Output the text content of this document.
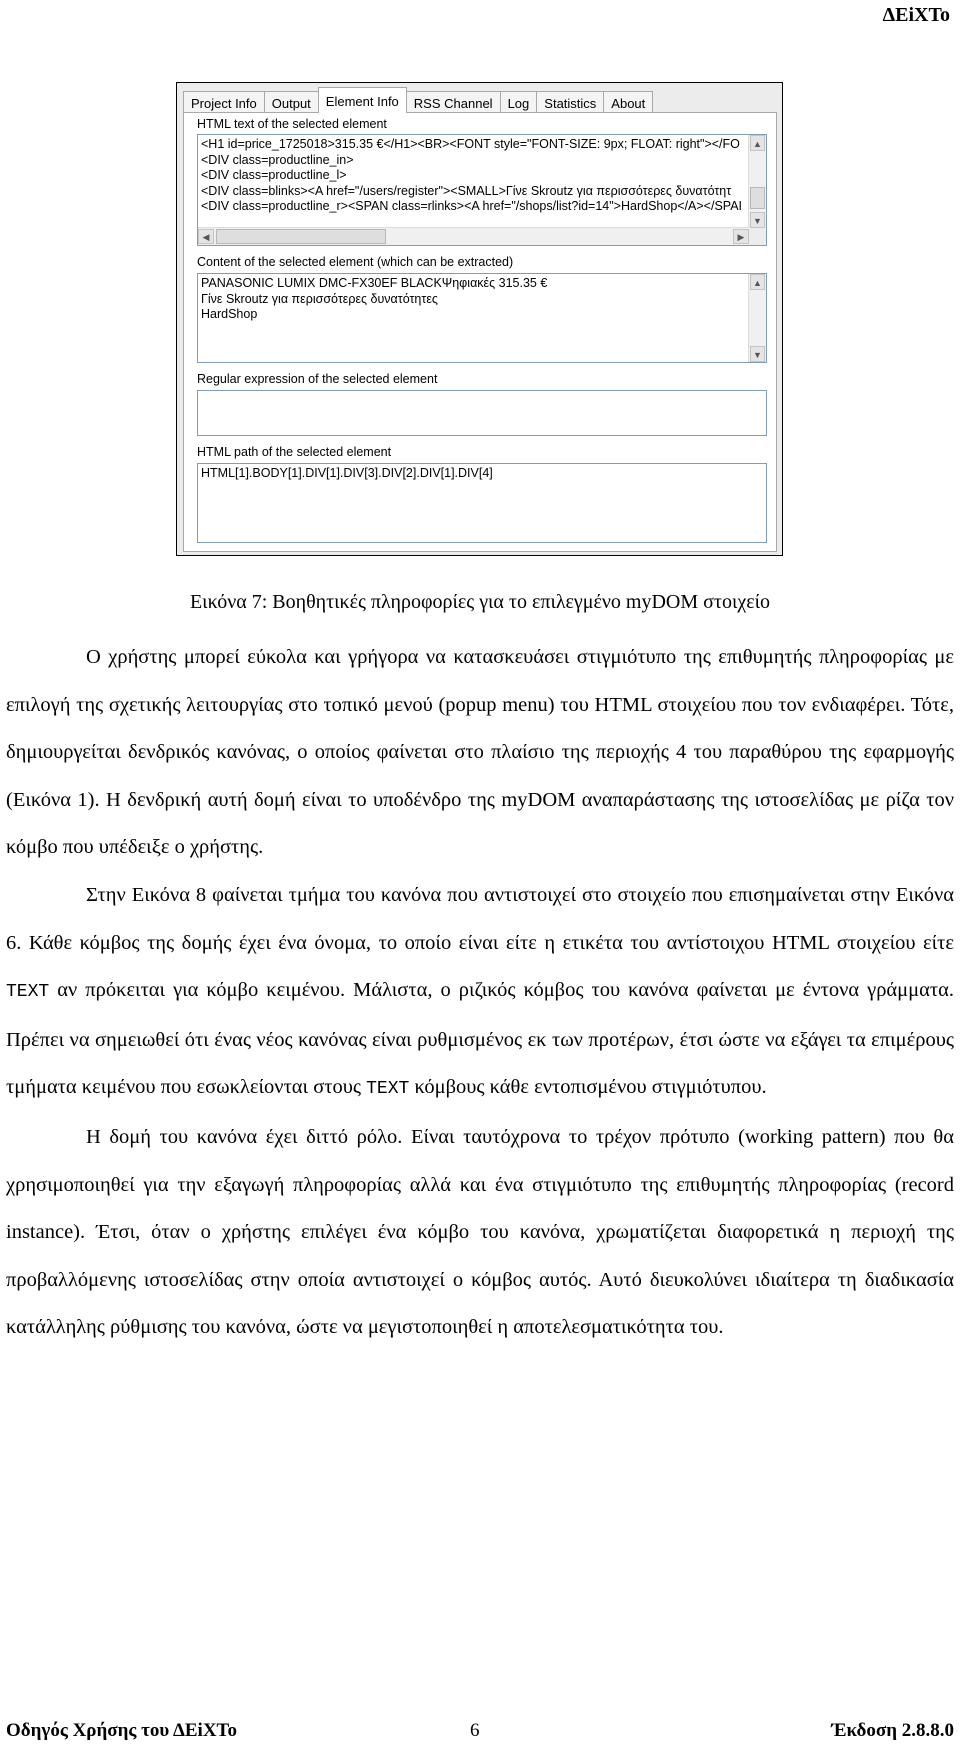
ΔΕiΧΤο
Project Info	Output	Element Info	RSS Channel	Log	Statistics	About
HTML text of the selected element
<H1 id=price_1725018>315.35 €</H1><BR><FONT style="FONT-SIZE: 9px; FLOAT: right"></FO
<DIV class=productline_in>
<DIV class=productline_l>
<DIV class=blinks><A href="/users/register"><SMALL>Γίνε Skroutz για περισσότερες δυνατότητ
<DIV class=productline_r><SPAN class=rlinks><A href="/shops/list?id=14">HardShop</A></SPAI
▲
▼
◀	▶
Content of the selected element (which can be extracted)
PANASONIC LUMIX DMC-FX30EF BLACKΨηφιακές 315.35 €
Γίνε Skroutz για περισσότερες δυνατότητες
HardShop
▲
▼
Regular expression of the selected element
HTML path of the selected element
HTML[1].BODY[1].DIV[1].DIV[3].DIV[2].DIV[1].DIV[4]
Εικόνα 7: Βοηθητικές πληροφορίες για το επιλεγμένο myDOM στοιχείο

Ο χρήστης μπορεί εύκολα και γρήγορα να κατασκευάσει στιγμιότυπο της επιθυμητής πληροφορίας με επιλογή της σχετικής λειτουργίας στο τοπικό μενού (popup menu) του HTML στοιχείου που τον ενδιαφέρει. Τότε, δημιουργείται δενδρικός κανόνας, ο οποίος φαίνεται στο πλαίσιο της περιοχής 4 του παραθύρου της εφαρμογής (Εικόνα 1). Η δενδρική αυτή δομή είναι το υποδένδρο της myDOM αναπαράστασης της ιστοσελίδας με ρίζα τον κόμβο που υπέδειξε ο χρήστης.

Στην Εικόνα 8 φαίνεται τμήμα του κανόνα που αντιστοιχεί στο στοιχείο που επισημαίνεται στην Εικόνα 6. Κάθε κόμβος της δομής έχει ένα όνομα, το οποίο είναι είτε η ετικέτα του αντίστοιχου HTML στοιχείου είτε TEXT αν πρόκειται για κόμβο κειμένου. Μάλιστα, ο ριζικός κόμβος του κανόνα φαίνεται με έντονα γράμματα. Πρέπει να σημειωθεί ότι ένας νέος κανόνας είναι ρυθμισμένος εκ των προτέρων, έτσι ώστε να εξάγει τα επιμέρους τμήματα κειμένου που εσωκλείονται στους TEXT κόμβους κάθε εντοπισμένου στιγμιότυπου.

Η δομή του κανόνα έχει διττό ρόλο. Είναι ταυτόχρονα το τρέχον πρότυπο (working pattern) που θα χρησιμοποιηθεί για την εξαγωγή πληροφορίας αλλά και ένα στιγμιότυπο της επιθυμητής πληροφορίας (record instance). Έτσι, όταν ο χρήστης επιλέγει ένα κόμβο του κανόνα, χρωματίζεται διαφορετικά η περιοχή της προβαλλόμενης ιστοσελίδας στην οποία αντιστοιχεί ο κόμβος αυτός. Αυτό διευκολύνει ιδιαίτερα τη διαδικασία κατάλληλης ρύθμισης του κανόνα, ώστε να μεγιστοποιηθεί η αποτελεσματικότητα του.

Οδηγός Χρήσης του ΔΕiΧΤο	6	Έκδοση 2.8.8.0
